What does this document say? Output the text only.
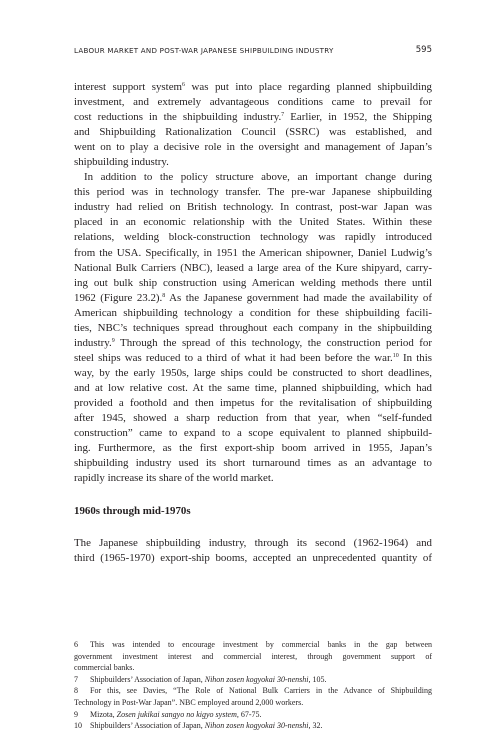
LABOUR MARKET AND POST-WAR JAPANESE SHIPBUILDING INDUSTRY	595

interest support system$^6$ was put into place regarding planned shipbuilding
investment, and extremely advantageous conditions came to prevail for
cost reductions in the shipbuilding industry.$^7$ Earlier, in 1952, the Shipping
and Shipbuilding Rationalization Council (SSRC) was established, and
went on to play a decisive role in the oversight and management of Japan’s
shipbuilding industry.

In addition to the policy structure above, an important change during
this period was in technology transfer. The pre-war Japanese shipbuilding
industry had relied on British technology. In contrast, post-war Japan was
placed in an economic relationship with the United States. Within these
relations, welding block-construction technology was rapidly introduced
from the USA. Specifically, in 1951 the American shipowner, Daniel Ludwig’s
National Bulk Carriers (NBC), leased a large area of the Kure shipyard, carry-
ing out bulk ship construction using American welding methods there until
1962 (Figure 23.2).$^8$ As the Japanese government had made the availability of
American shipbuilding technology a condition for these shipbuilding facili-
ties, NBC’s techniques spread throughout each company in the shipbuilding
industry.$^9$ Through the spread of this technology, the construction period for
steel ships was reduced to a third of what it had been before the war.$^{10}$ In this
way, by the early 1950s, large ships could be constructed to short deadlines,
and at low relative cost. At the same time, planned shipbuilding, which had
provided a foothold and then impetus for the revitalisation of shipbuilding
after 1945, showed a sharp reduction from that year, when “self-funded
construction” came to expand to a scope equivalent to planned shipbuild-
ing. Furthermore, as the first export-ship boom arrived in 1955, Japan’s
shipbuilding industry used its short turnaround times as an advantage to
rapidly increase its share of the world market.

1960s through mid-1970s
The Japanese shipbuilding industry, through its second (1962-1964) and
third (1965-1970) export-ship booms, accepted an unprecedented quantity of
6 This was intended to encourage investment by commercial banks in the gap between
government investment interest and commercial interest, through government support of
commercial banks.
7 Shipbuilders’ Association of Japan, Nihon zosen kogyokai 30-nenshi, 105.
8 For this, see Davies, “The Role of National Bulk Carriers in the Advance of Shipbuilding
Technology in Post-War Japan”. NBC employed around 2,000 workers.
9 Mizota, Zosen jukikai sangyo no kigyo system, 67-75.
10 Shipbuilders’ Association of Japan, Nihon zosen kogyokai 30-nenshi, 32.
